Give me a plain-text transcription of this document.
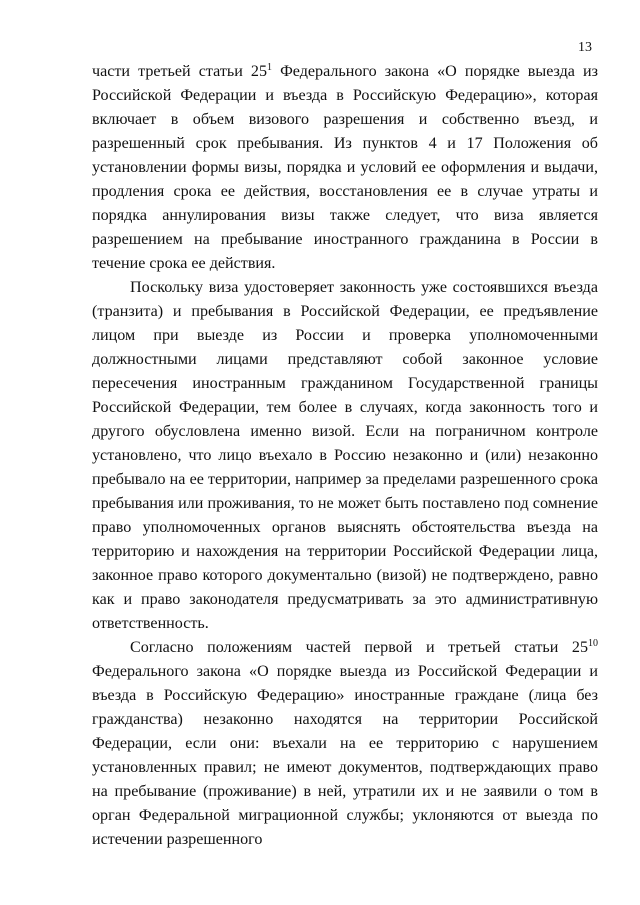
13

части третьей статьи $25^1$ Федерального закона «О порядке выезда из Российской Федерации и въезда в Российскую Федерацию», которая включает в объем визового разрешения и собственно въезд, и разрешенный срок пребывания. Из пунктов 4 и 17 Положения об установлении формы визы, порядка и условий ее оформления и выдачи, продления срока ее действия, восстановления ее в случае утраты и порядка аннулирования визы также следует, что виза является разрешением на пребывание иностранного гражданина в России в течение срока ее действия.

Поскольку виза удостоверяет законность уже состоявшихся въезда (транзита) и пребывания в Российской Федерации, ее предъявление лицом при выезде из России и проверка уполномоченными должностными лицами представляют собой законное условие пересечения иностранным гражданином Государственной границы Российской Федерации, тем более в случаях, когда законность того и другого обусловлена именно визой. Если на пограничном контроле установлено, что лицо въехало в Россию незаконно и (или) незаконно пребывало на ее территории, например за пределами разрешенного срока пребывания или проживания, то не может быть поставлено под сомнение право уполномоченных органов выяснять обстоятельства въезда на территорию и нахождения на территории Российской Федерации лица, законное право которого документально (визой) не подтверждено, равно как и право законодателя предусматривать за это административную ответственность.

Согласно положениям частей первой и третьей статьи $25^{10}$ Федерального закона «О порядке выезда из Российской Федерации и въезда в Российскую Федерацию» иностранные граждане (лица без гражданства) незаконно находятся на территории Российской Федерации, если они: въехали на ее территорию с нарушением установленных правил; не имеют документов, подтверждающих право на пребывание (проживание) в ней, утратили их и не заявили о том в орган Федеральной миграционной службы; уклоняются от выезда по истечении разрешенного
